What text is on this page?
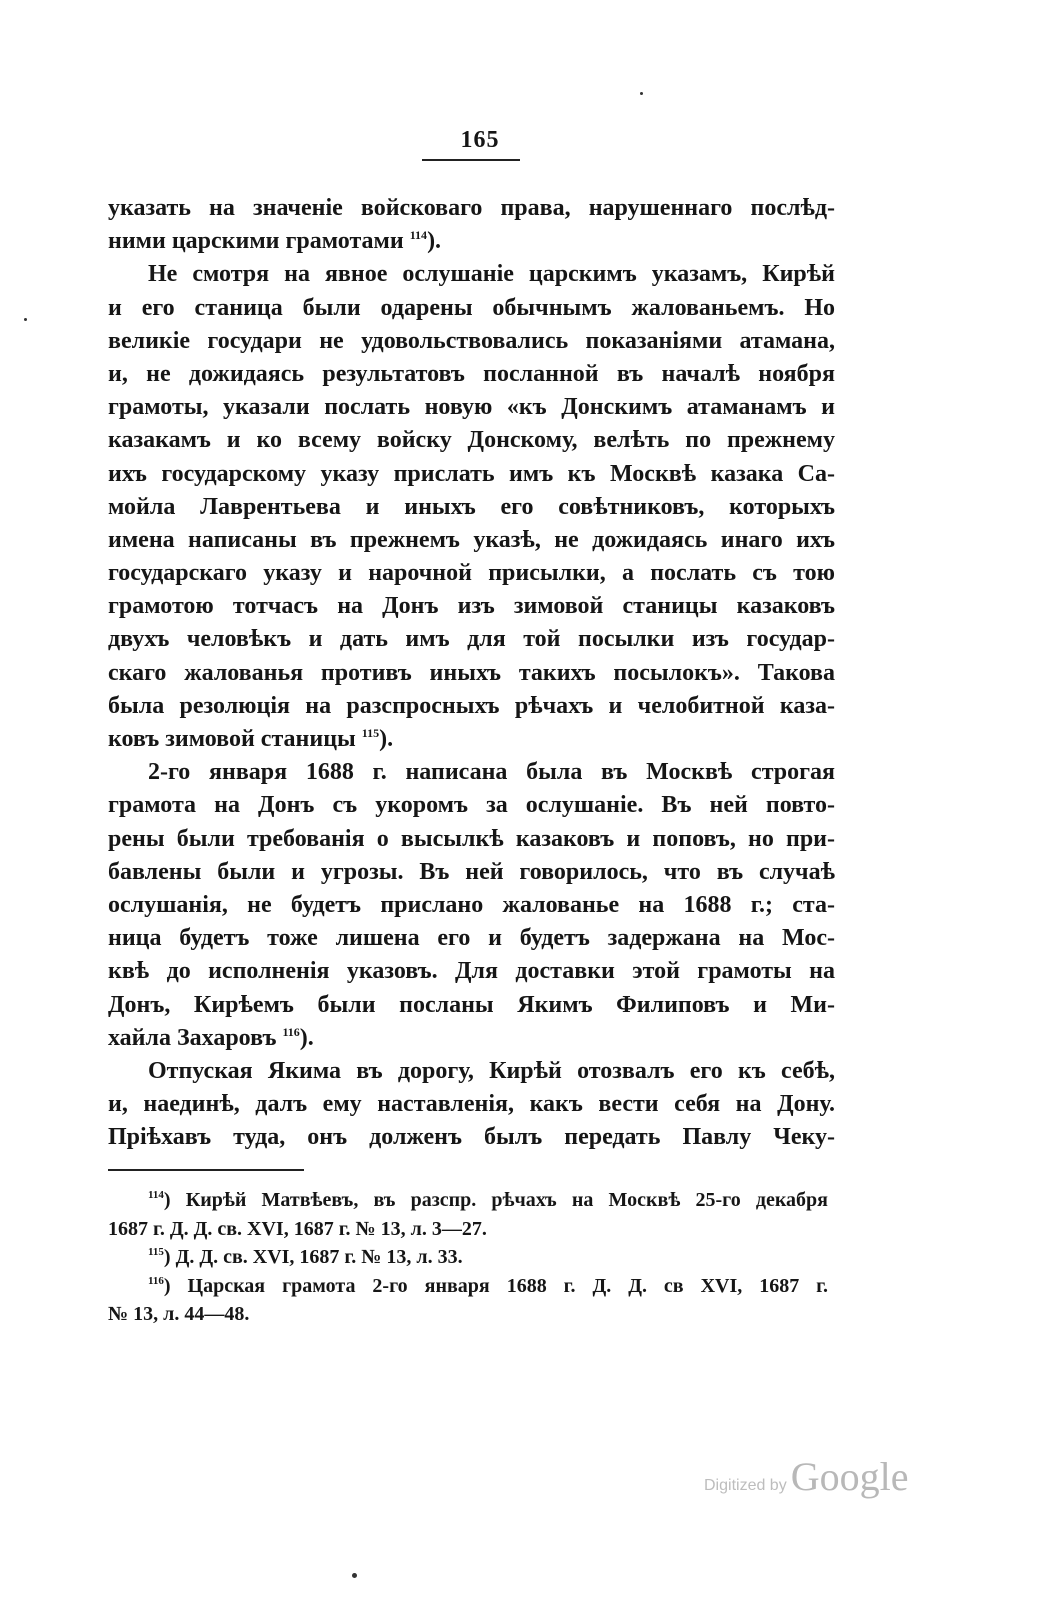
165
указать на значеніе войсковаго права, нарушеннаго послѣд-
ними царскими грамотами $^{114}$).
Не смотря на явное ослушаніе царскимъ указамъ, Кирѣй
и его станица были одарены обычнымъ жалованьемъ. Но
великіе государи не удовольствовались показаніями атамана,
и, не дожидаясь результатовъ посланной въ началѣ ноября
грамоты, указали послать новую «къ Донскимъ атаманамъ и
казакамъ и ко всему войску Донскому, велѣть по прежнему
ихъ государскому указу прислать имъ къ Москвѣ казака Са-
мойла Лаврентьева и иныхъ его совѣтниковъ, которыхъ
имена написаны въ прежнемъ указѣ, не дожидаясь инаго ихъ
государскаго указу и нарочной присылки, а послать съ тою
грамотою тотчасъ на Донъ изъ зимовой станицы казаковъ
двухъ человѣкъ и дать имъ для той посылки изъ государ-
скаго жалованья противъ иныхъ такихъ посылокъ». Такова
была резолюція на разспросныхъ рѣчахъ и челобитной каза-
ковъ зимовой станицы $^{115}$).
2-го января 1688 г. написана была въ Москвѣ строгая
грамота на Донъ съ укоромъ за ослушаніе. Въ ней повто-
рены были требованія о высылкѣ казаковъ и поповъ, но при-
бавлены были и угрозы. Въ ней говорилось, что въ случаѣ
ослушанія, не будетъ прислано жалованье на 1688 г.; ста-
ница будетъ тоже лишена его и будетъ задержана на Мос-
квѣ до исполненія указовъ. Для доставки этой грамоты на
Донъ, Кирѣемъ были посланы Якимъ Филиповъ и Ми-
хайла Захаровъ $^{116}$).
Отпуская Якима въ дорогу, Кирѣй отозвалъ его къ себѣ,
и, наединѣ, далъ ему наставленія, какъ вести себя на Дону.
Пріѣхавъ туда, онъ долженъ былъ передать Павлу Чеку-
$^{114}$) Кирѣй Матвѣевъ, въ разспр. рѣчахъ на Москвѣ 25-го декабря
1687 г. Д. Д. св. XVI, 1687 г. № 13, л. 3—27.
$^{115}$) Д. Д. св. XVI, 1687 г. № 13, л. 33.
$^{116}$) Царская грамота 2-го января 1688 г. Д. Д. св XVI, 1687 г.
№ 13, л. 44—48.
Digitized by Google
